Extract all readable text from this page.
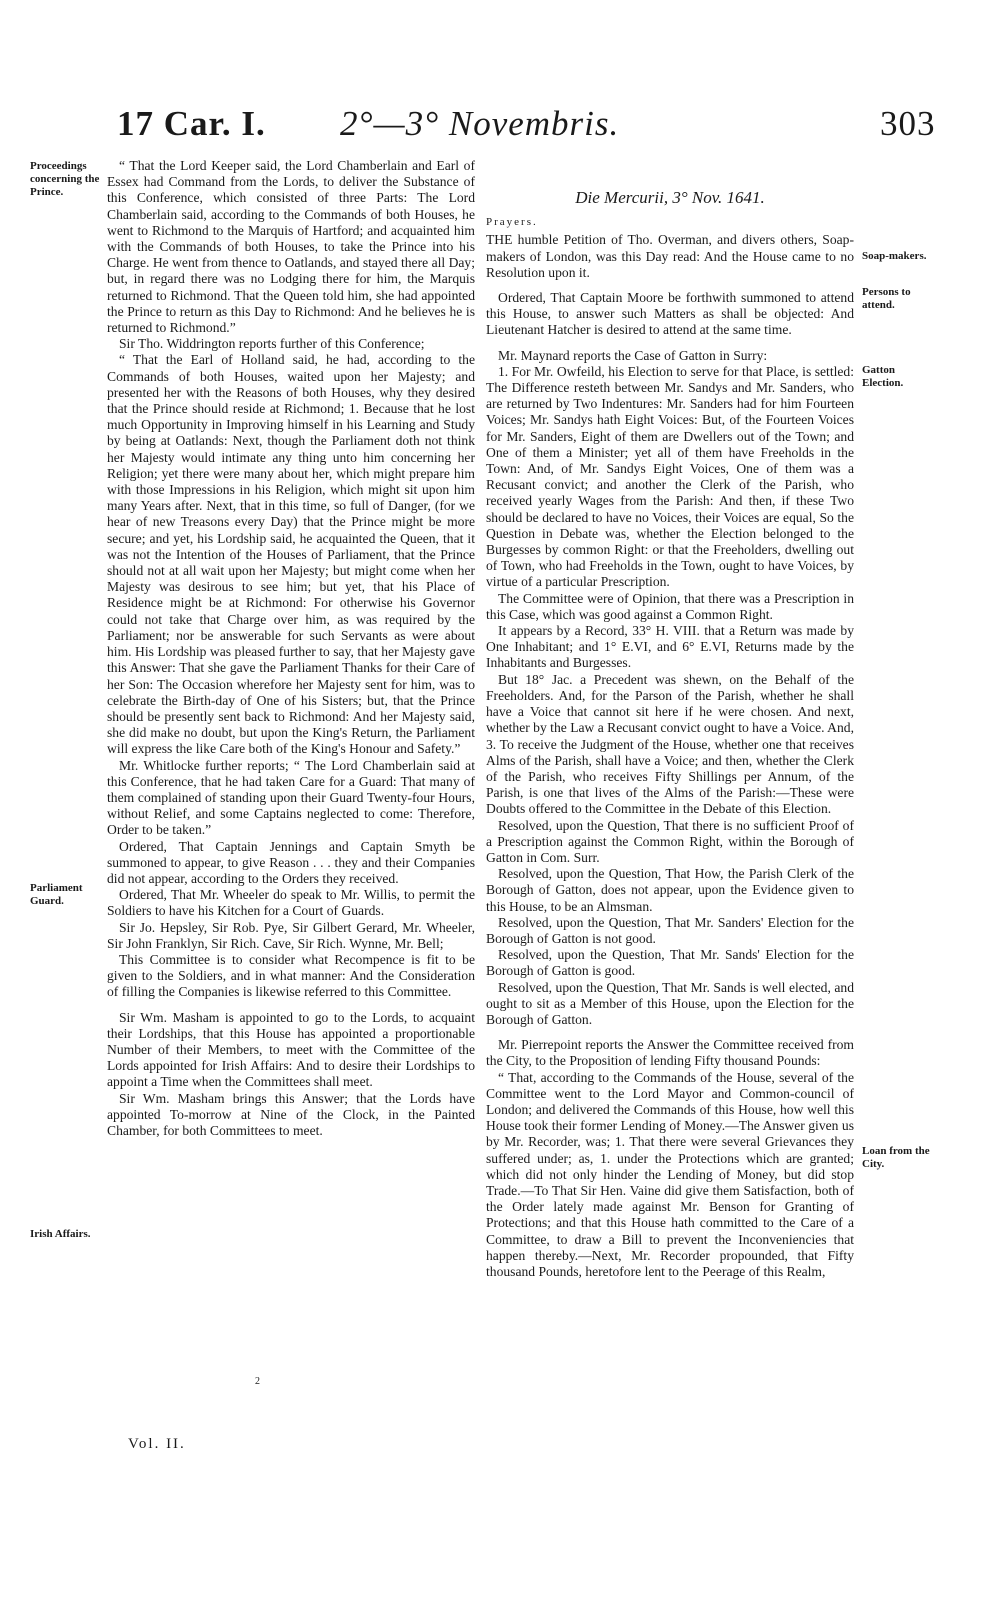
17 Car. I. 2°—3° Novembris.	303
Proceedings concerning the Prince.
Parliament Guard.
Irish Affairs.
Soap-makers.
Persons to attend.
Gatton Election.
Loan from the City.

“ That the Lord Keeper said, the Lord Chamberlain and Earl of Essex had Command from the Lords, to deliver the Substance of this Conference, which consisted of three Parts: The Lord Chamberlain said, according to the Commands of both Houses, he went to Richmond to the Marquis of Hartford; and acquainted him with the Commands of both Houses, to take the Prince into his Charge. He went from thence to Oatlands, and stayed there all Day; but, in regard there was no Lodging there for him, the Marquis returned to Richmond. That the Queen told him, she had appointed the Prince to return as this Day to Richmond: And he believes he is returned to Richmond.”

Sir Tho. Widdrington reports further of this Conference;

“ That the Earl of Holland said, he had, according to the Commands of both Houses, waited upon her Majesty; and presented her with the Reasons of both Houses, why they desired that the Prince should reside at Richmond; 1. Because that he lost much Opportunity in Improving himself in his Learning and Study by being at Oatlands: Next, though the Parliament doth not think her Majesty would intimate any thing unto him concerning her Religion; yet there were many about her, which might prepare him with those Impressions in his Religion, which might sit upon him many Years after. Next, that in this time, so full of Danger, (for we hear of new Treasons every Day) that the Prince might be more secure; and yet, his Lordship said, he acquainted the Queen, that it was not the Intention of the Houses of Parliament, that the Prince should not at all wait upon her Majesty; but might come when her Majesty was desirous to see him; but yet, that his Place of Residence might be at Richmond: For otherwise his Governor could not take that Charge over him, as was required by the Parliament; nor be answerable for such Servants as were about him. His Lordship was pleased further to say, that her Majesty gave this Answer: That she gave the Parliament Thanks for their Care of her Son: The Occasion wherefore her Majesty sent for him, was to celebrate the Birth-day of One of his Sisters; but, that the Prince should be presently sent back to Richmond: And her Majesty said, she did make no doubt, but upon the King's Return, the Parliament will express the like Care both of the King's Honour and Safety.”

Mr. Whitlocke further reports; “ The Lord Chamberlain said at this Conference, that he had taken Care for a Guard: That many of them complained of standing upon their Guard Twenty-four Hours, without Relief, and some Captains neglected to come: Therefore, Order to be taken.”

Ordered, That Captain Jennings and Captain Smyth be summoned to appear, to give Reason . . . they and their Companies did not appear, according to the Orders they received.

Ordered, That Mr. Wheeler do speak to Mr. Willis, to permit the Soldiers to have his Kitchen for a Court of Guards.

Sir Jo. Hepsley, Sir Rob. Pye, Sir Gilbert Gerard, Mr. Wheeler, Sir John Franklyn, Sir Rich. Cave, Sir Rich. Wynne, Mr. Bell;

This Committee is to consider what Recompence is fit to be given to the Soldiers, and in what manner: And the Consideration of filling the Companies is likewise referred to this Committee.

Sir Wm. Masham is appointed to go to the Lords, to acquaint their Lordships, that this House has appointed a proportionable Number of their Members, to meet with the Committee of the Lords appointed for Irish Affairs: And to desire their Lordships to appoint a Time when the Committees shall meet.

Sir Wm. Masham brings this Answer; that the Lords have appointed To-morrow at Nine of the Clock, in the Painted Chamber, for both Committees to meet.

Die Mercurii, 3° Nov. 1641.
Prayers.

THE humble Petition of Tho. Overman, and divers others, Soap-makers of London, was this Day read: And the House came to no Resolution upon it.

Ordered, That Captain Moore be forthwith summoned to attend this House, to answer such Matters as shall be objected: And Lieutenant Hatcher is desired to attend at the same time.

Mr. Maynard reports the Case of Gatton in Surry:

1. For Mr. Owfeild, his Election to serve for that Place, is settled: The Difference resteth between Mr. Sandys and Mr. Sanders, who are returned by Two Indentures: Mr. Sanders had for him Fourteen Voices; Mr. Sandys hath Eight Voices: But, of the Fourteen Voices for Mr. Sanders, Eight of them are Dwellers out of the Town; and One of them a Minister; yet all of them have Freeholds in the Town: And, of Mr. Sandys Eight Voices, One of them was a Recusant convict; and another the Clerk of the Parish, who received yearly Wages from the Parish: And then, if these Two should be declared to have no Voices, their Voices are equal, So the Question in Debate was, whether the Election belonged to the Burgesses by common Right: or that the Freeholders, dwelling out of Town, who had Freeholds in the Town, ought to have Voices, by virtue of a particular Prescription.

The Committee were of Opinion, that there was a Prescription in this Case, which was good against a Common Right.

It appears by a Record, 33° H. VIII. that a Return was made by One Inhabitant; and 1° E.VI, and 6° E.VI, Returns made by the Inhabitants and Burgesses.

But 18° Jac. a Precedent was shewn, on the Behalf of the Freeholders. And, for the Parson of the Parish, whether he shall have a Voice that cannot sit here if he were chosen. And next, whether by the Law a Recusant convict ought to have a Voice. And, 3. To receive the Judgment of the House, whether one that receives Alms of the Parish, shall have a Voice; and then, whether the Clerk of the Parish, who receives Fifty Shillings per Annum, of the Parish, is one that lives of the Alms of the Parish:—These were Doubts offered to the Committee in the Debate of this Election.

Resolved, upon the Question, That there is no sufficient Proof of a Prescription against the Common Right, within the Borough of Gatton in Com. Surr.

Resolved, upon the Question, That How, the Parish Clerk of the Borough of Gatton, does not appear, upon the Evidence given to this House, to be an Almsman.

Resolved, upon the Question, That Mr. Sanders' Election for the Borough of Gatton is not good.

Resolved, upon the Question, That Mr. Sands' Election for the Borough of Gatton is good.

Resolved, upon the Question, That Mr. Sands is well elected, and ought to sit as a Member of this House, upon the Election for the Borough of Gatton.

Mr. Pierrepoint reports the Answer the Committee received from the City, to the Proposition of lending Fifty thousand Pounds:

“ That, according to the Commands of the House, several of the Committee went to the Lord Mayor and Common-council of London; and delivered the Commands of this House, how well this House took their former Lending of Money.—The Answer given us by Mr. Recorder, was; 1. That there were several Grievances they suffered under; as, 1. under the Protections which are granted; which did not only hinder the Lending of Money, but did stop Trade.—To That Sir Hen. Vaine did give them Satisfaction, both of the Order lately made against Mr. Benson for Granting of Protections; and that this House hath committed to the Care of a Committee, to draw a Bill to prevent the Inconveniencies that happen thereby.—Next, Mr. Recorder propounded, that Fifty thousand Pounds, heretofore lent to the Peerage of this Realm,

2
Vol. II.
